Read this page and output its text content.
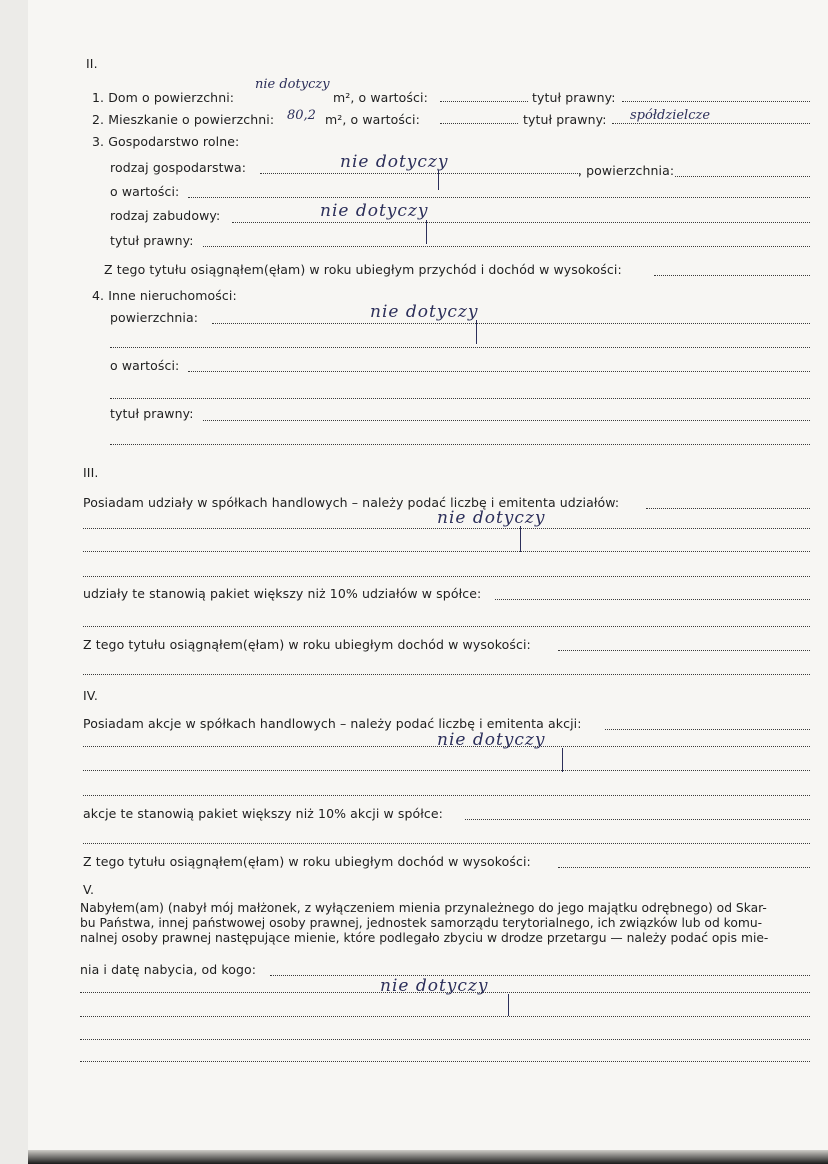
II.
1. Dom o powierzchni:
nie dotyczy
m², o wartości:	tytuł prawny:
2. Mieszkanie o powierzchni: 80,2 m², o wartości:	tytuł prawny: spółdzielcze
3. Gospodarstwo rolne:
rodzaj gospodarstwa:	nie dotyczy	, powierzchnia:
o wartości:
rodzaj zabudowy:	nie dotyczy
tytuł prawny:
Z tego tytułu osiągnąłem(ęłam) w roku ubiegłym przychód i dochód w wysokości:
4. Inne nieruchomości:
powierzchnia:	nie dotyczy
o wartości:
tytuł prawny:
III.
Posiadam udziały w spółkach handlowych – należy podać liczbę i emitenta udziałów:
nie dotyczy
udziały te stanowią pakiet większy niż 10% udziałów w spółce:
Z tego tytułu osiągnąłem(ęłam) w roku ubiegłym dochód w wysokości:
IV.
Posiadam akcje w spółkach handlowych – należy podać liczbę i emitenta akcji:
nie dotyczy
akcje te stanowią pakiet większy niż 10% akcji w spółce:
Z tego tytułu osiągnąłem(ęłam) w roku ubiegłym dochód w wysokości:
V.
Nabyłem(am) (nabył mój małżonek, z wyłączeniem mienia przynależnego do jego majątku odrębnego) od Skar-
bu Państwa, innej państwowej osoby prawnej, jednostek samorządu terytorialnego, ich związków lub od komu-
nalnej osoby prawnej następujące mienie, które podlegało zbyciu w drodze przetargu — należy podać opis mie-
nia i datę nabycia, od kogo:
nie dotyczy
